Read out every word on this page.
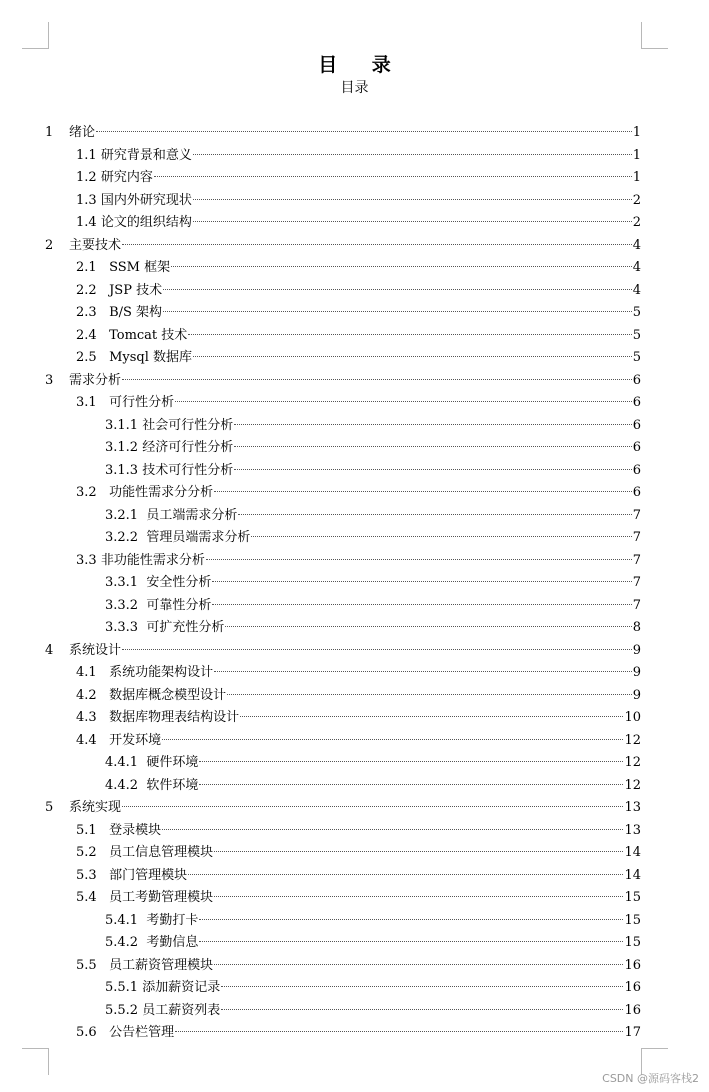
目 录
目录
1	绪论	1
1.1 研究背景和意义	1
1.2 研究内容	1
1.3 国内外研究现状	2
1.4 论文的组织结构	2
2	主要技术	4
2.1 SSM 框架	4
2.2 JSP 技术	4
2.3 B/S 架构	5
2.4 Tomcat 技术	5
2.5 Mysql 数据库	5
3	需求分析	6
3.1 可行性分析	6
3.1.1 社会可行性分析	6
3.1.2 经济可行性分析	6
3.1.3 技术可行性分析	6
3.2 功能性需求分分析	6
3.2.1 员工端需求分析	7
3.2.2 管理员端需求分析	7
3.3 非功能性需求分析	7
3.3.1 安全性分析	7
3.3.2 可靠性分析	7
3.3.3 可扩充性分析	8
4	系统设计	9
4.1 系统功能架构设计	9
4.2 数据库概念模型设计	9
4.3 数据库物理表结构设计	10
4.4 开发环境	12
4.4.1 硬件环境	12
4.4.2 软件环境	12
5	系统实现	13
5.1 登录模块	13
5.2 员工信息管理模块	14
5.3 部门管理模块	14
5.4 员工考勤管理模块	15
5.4.1 考勤打卡	15
5.4.2 考勤信息	15
5.5 员工薪资管理模块	16
5.5.1 添加薪资记录	16
5.5.2 员工薪资列表	16
5.6 公告栏管理	17
CSDN @源码客栈2
